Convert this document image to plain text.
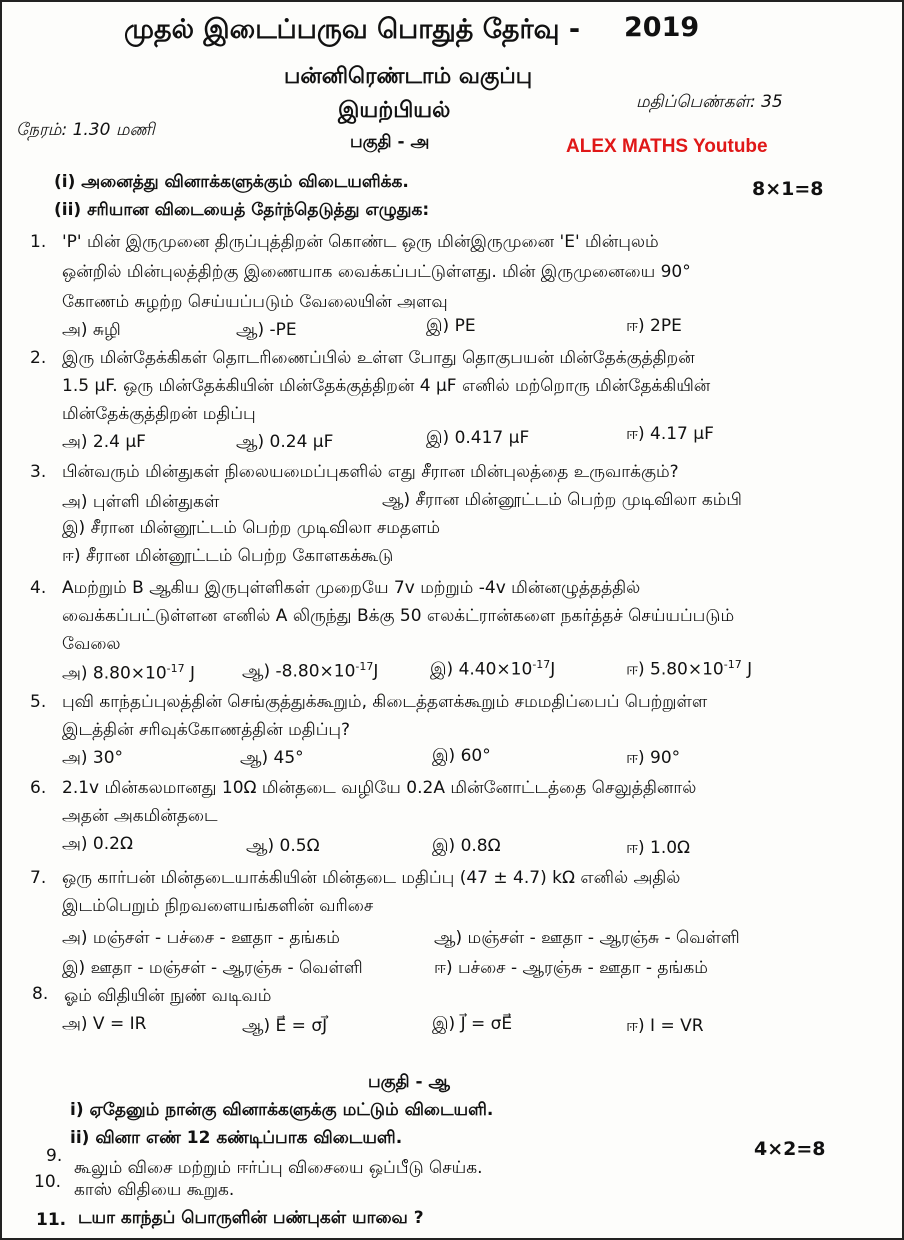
முதல் இடைப்பருவ பொதுத் தேர்வு - 2019
பன்னிரெண்டாம் வகுப்பு
இயற்பியல்	மதிப்பெண்கள்: 35
நேரம்: 1.30 மணி
ALEX MATHS Youtube
பகுதி - அ
(i) அனைத்து வினாக்களுக்கும் விடையளிக்க.
(ii) சரியான விடையைத் தேர்ந்தெடுத்து எழுதுக:
8×1=8
1. 'P' மின் இருமுனை திருப்புத்திறன் கொண்ட ஒரு மின்இருமுனை 'E' மின்புலம்
ஒன்றில் மின்புலத்திற்கு இணையாக வைக்கப்பட்டுள்ளது. மின் இருமுனையை 90°
கோணம் சுழற்ற செய்யப்படும் வேலையின் அளவு
அ) சுழி	ஆ) -PE	இ) PE	ஈ) 2PE
2. இரு மின்தேக்கிகள் தொடரிணைப்பில் உள்ள போது தொகுபயன் மின்தேக்குத்திறன்
1.5 μF. ஒரு மின்தேக்கியின் மின்தேக்குத்திறன் 4 μF எனில் மற்றொரு மின்தேக்கியின்
மின்தேக்குத்திறன் மதிப்பு
அ) 2.4 μF	ஆ) 0.24 μF	இ) 0.417 μF	ஈ) 4.17 μF
3. பின்வரும் மின்துகள் நிலையமைப்புகளில் எது சீரான மின்புலத்தை உருவாக்கும்?
அ) புள்ளி மின்துகள்	ஆ) சீரான மின்னூட்டம் பெற்ற முடிவிலா கம்பி
இ) சீரான மின்னூட்டம் பெற்ற முடிவிலா சமதளம்
ஈ) சீரான மின்னூட்டம் பெற்ற கோளகக்கூடு
4. Aமற்றும் B ஆகிய இருபுள்ளிகள் முறையே 7v மற்றும் -4v மின்னழுத்தத்தில்
வைக்கப்பட்டுள்ளன எனில் A லிருந்து Bக்கு 50 எலக்ட்ரான்களை நகர்த்தச் செய்யப்படும்
வேலை
அ) $8.80\times 10^{-17}$ J	ஆ) $-8.80\times 10^{-17}J$	இ) $4.40\times 10^{-17}J$	ஈ) $5.80\times 10^{-17}$ J
5. புவி காந்தப்புலத்தின் செங்குத்துக்கூறும், கிடைத்தளக்கூறும் சமமதிப்பைப் பெற்றுள்ள
இடத்தின் சரிவுக்கோணத்தின் மதிப்பு?
அ) 30°	ஆ) 45°	இ) 60°	ஈ) 90°
6. 2.1v மின்கலமானது 10Ω மின்தடை வழியே 0.2A மின்னோட்டத்தை செலுத்தினால்
அதன் அகமின்தடை
அ) 0.2Ω	ஆ) 0.5Ω	இ) 0.8Ω	ஈ) 1.0Ω
7. ஒரு கார்பன் மின்தடையாக்கியின் மின்தடை மதிப்பு (47 ± 4.7) kΩ எனில் அதில்
இடம்பெறும் நிறவளையங்களின் வரிசை
அ) மஞ்சள் - பச்சை - ஊதா - தங்கம்	ஆ) மஞ்சள் - ஊதா - ஆரஞ்சு - வெள்ளி
இ) ஊதா - மஞ்சள் - ஆரஞ்சு - வெள்ளி	ஈ) பச்சை - ஆரஞ்சு - ஊதா - தங்கம்
8. ஓம் விதியின் நுண் வடிவம்
அ) V = IR	ஆ) E⃗ = σJ⃗	இ) J⃗ = σE⃗	ஈ) I = VR
பகுதி - ஆ
i) ஏதேனும் நான்கு வினாக்களுக்கு மட்டும் விடையளி.
ii) வினா எண் 12 கண்டிப்பாக விடையளி.	4×2=8
9.
கூலும் விசை மற்றும் ஈர்ப்பு விசையை ஒப்பீடு செய்க.
10. காஸ் விதியை கூறுக.
11. டயா காந்தப் பொருளின் பண்புகள் யாவை ?
